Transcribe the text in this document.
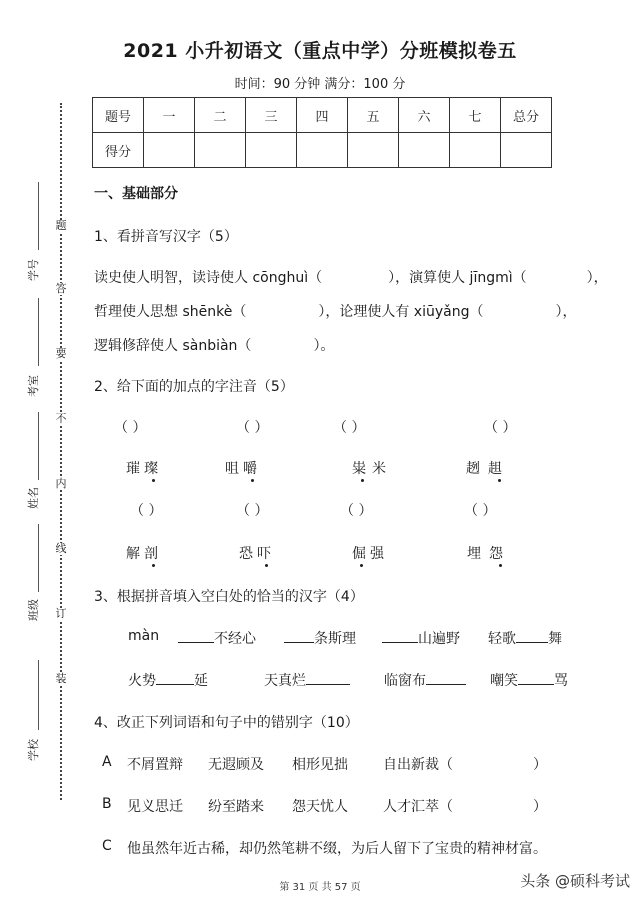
2021 小升初语文（重点中学）分班模拟卷五
时间：90 分钟 满分：100 分
题号	一	二	三	四	五	六	七	总分
得分								
题
答
要
不
内
线
订
装
学号
考室
姓名
班级
学校
一、基础部分
1、看拼音写汉字（5）
读史使人明智，读诗使人 cōnghuì（	），演算使人 jīngmì（	），
哲理使人思想 shēnkè（	），论理使人有 xiūyǎng（	），
逻辑修辞使人 sànbiàn（	）。
2、给下面的加点的字注音（5）
（ ）	（ ）	（ ）	（ ）
璀璨	咀嚼	粜米	趔趄
（ ）	（ ）	（ ）	（ ）
解剖	恐吓	倔强	埋怨
3、根据拼音填入空白处的恰当的汉字（4）
màn	不经心	条斯理	山遍野 轻歌 舞
火势	延	天真烂	临窗布	嘲笑	骂
4、改正下列词语和句子中的错别字（10）
A 不屑置辩 无遐顾及 相形见拙	自出新裁（	）
B 见义思迁 纷至踏来 怨天忧人	人才汇萃（	）
C 他虽然年近古稀，却仍然笔耕不缀，为后人留下了宝贵的精神材富。
第 31 页 共 57 页	头条 @硕科考试
